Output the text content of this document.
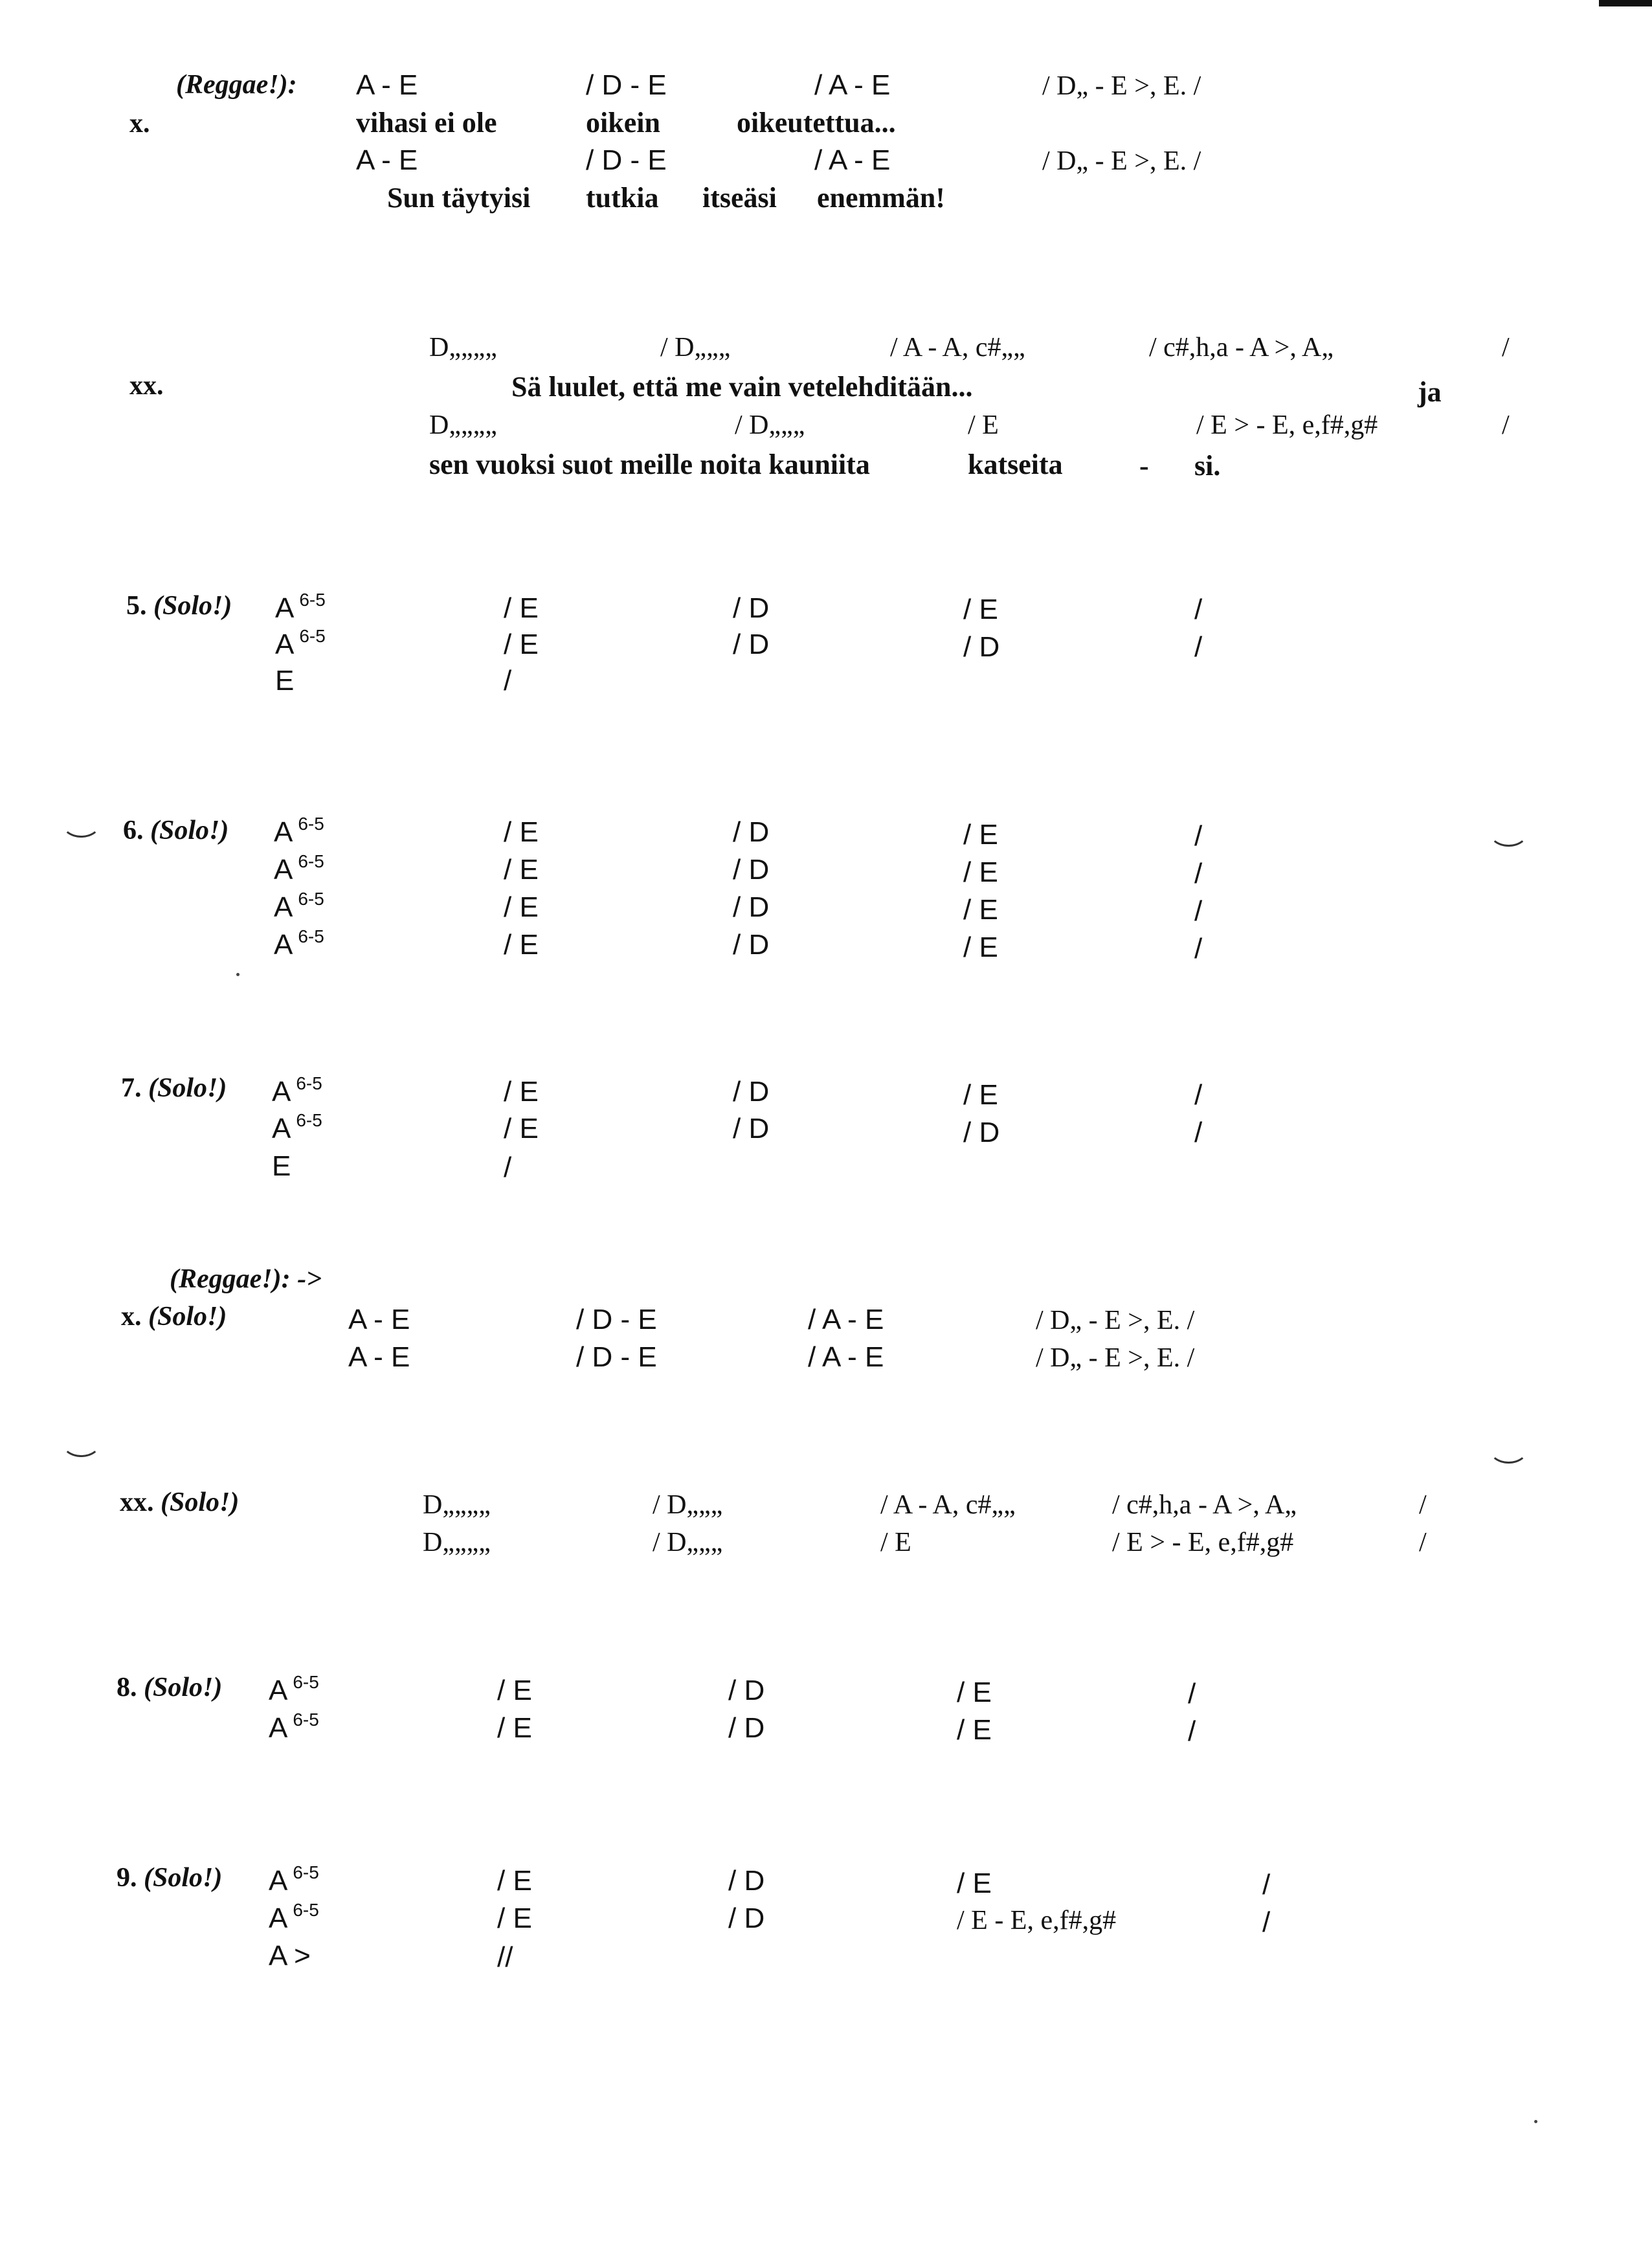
(Reggae!):
x.
A - E	/ D - E	/ A - E	/ D„ - E >, E. /
vihasi ei ole	oikein	oikeutettua...
A - E	/ D - E	/ A - E	/ D„ - E >, E. /
Sun täytyisi tutkia itseäsi enemmän!
xx.
D„„„„	/ D„„„	/ A - A, c#„„	/ c#,h,a - A >, A„	/
Sä luulet, että me vain vetelehditään...	ja
D„„„„	/ D„„„	/ E	/ E > - E, e,f#,g#	/
sen vuoksi suot meille noita kauniita	katseita	- si.
5. (Solo!) A $^{6-5}$	/ E	/ D	/ E	/
A $^{6-5}$	/ E	/ D	/ D	/
E	/
6. (Solo!) A $^{6-5}$	/ E	/ D	/ E	/
A $^{6-5}$	/ E	/ D	/ E	/
A $^{6-5}$	/ E	/ D	/ E	/
A $^{6-5}$	/ E	/ D	/ E	/
7. (Solo!) A $^{6-5}$	/ E	/ D	/ E	/
A $^{6-5}$	/ E	/ D	/ D	/
E	/
(Reggae!): ->
x. (Solo!)	A - E	/ D - E	/ A - E	/ D„ - E >, E. /
A - E	/ D - E	/ A - E	/ D„ - E >, E. /
xx. (Solo!)	D„„„„	/ D„„„	/ A - A, c#„„	/ c#,h,a - A >, A„	/
D„„„„	/ D„„„	/ E	/ E > - E, e,f#,g#	/
8. (Solo!) A $^{6-5}$	/ E	/ D	/ E	/
A $^{6-5}$	/ E	/ D	/ E	/
9. (Solo!) A $^{6-5}$	/ E	/ D	/ E	/
A $^{6-5}$	/ E	/ D	/ E - E, e,f#,g#	/
A >	//
